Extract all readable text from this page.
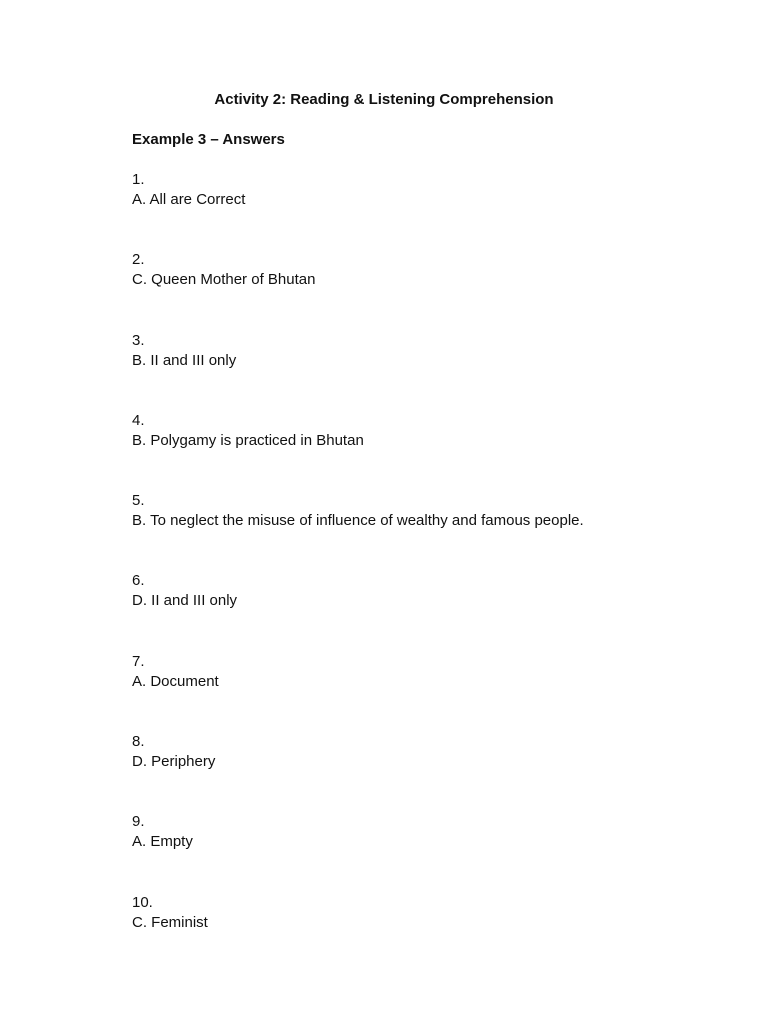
Activity 2: Reading & Listening Comprehension
Example 3 – Answers
1.
A. All are Correct
2.
C. Queen Mother of Bhutan
3.
B. II and III only
4.
B. Polygamy is practiced in Bhutan
5.
B. To neglect the misuse of influence of wealthy and famous people.
6.
D. II and III only
7.
A. Document
8.
D. Periphery
9.
A. Empty
10.
C. Feminist
